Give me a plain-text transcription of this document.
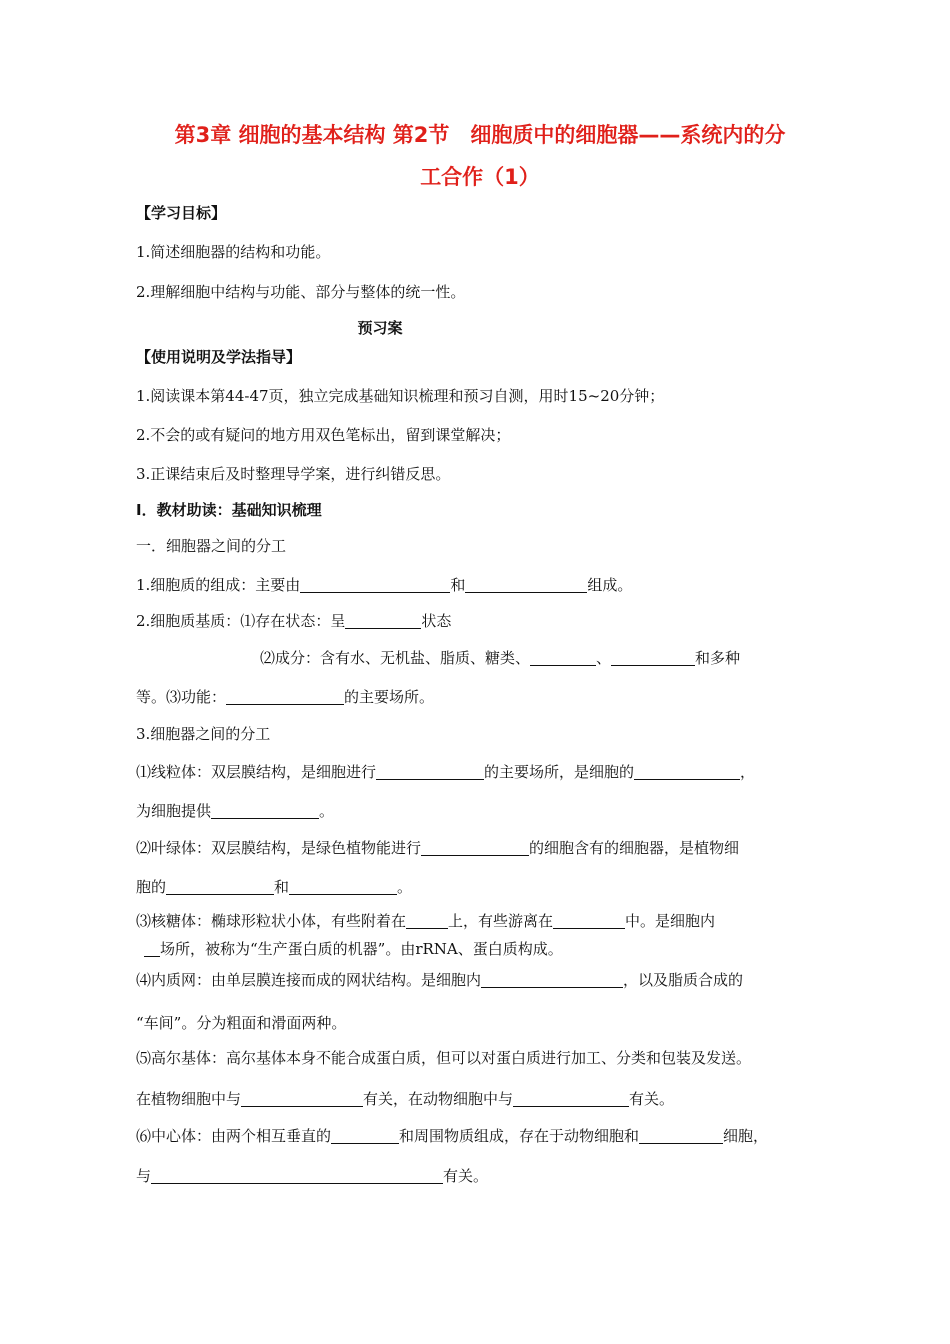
第3章 细胞的基本结构 第2节　细胞质中的细胞器——系统内的分
工合作（1）
【学习目标】
1.简述细胞器的结构和功能。
2.理解细胞中结构与功能、部分与整体的统一性。
预习案
【使用说明及学法指导】
1.阅读课本第44-47页，独立完成基础知识梳理和预习自测，用时15~20分钟；
2.不会的或有疑问的地方用双色笔标出，留到课堂解决；
3.正课结束后及时整理导学案，进行纠错反思。
Ⅰ．教材助读：基础知识梳理
一．细胞器之间的分工
1.细胞质的组成：主要由	和	组成。
2.细胞质基质：⑴存在状态：呈	状态
⑵成分：含有水、无机盐、脂质、糖类、	、	和多种
等。⑶功能：	的主要场所。
3.细胞器之间的分工
⑴线粒体：双层膜结构，是细胞进行	的主要场所，是细胞的	，
为细胞提供	。
⑵叶绿体：双层膜结构，是绿色植物能进行	的细胞含有的细胞器，是植物细
胞的	和	。
⑶核糖体：椭球形粒状小体，有些附着在	上，有些游离在	中。是细胞内
场所，被称为“生产蛋白质的机器”。由rRNA、蛋白质构成。
⑷内质网：由单层膜连接而成的网状结构。是细胞内	，以及脂质合成的
“车间”。分为粗面和滑面两种。
⑸高尔基体：高尔基体本身不能合成蛋白质，但可以对蛋白质进行加工、分类和包装及发送。
在植物细胞中与	有关，在动物细胞中与	有关。
⑹中心体：由两个相互垂直的	和周围物质组成，存在于动物细胞和	细胞，
与	有关。
